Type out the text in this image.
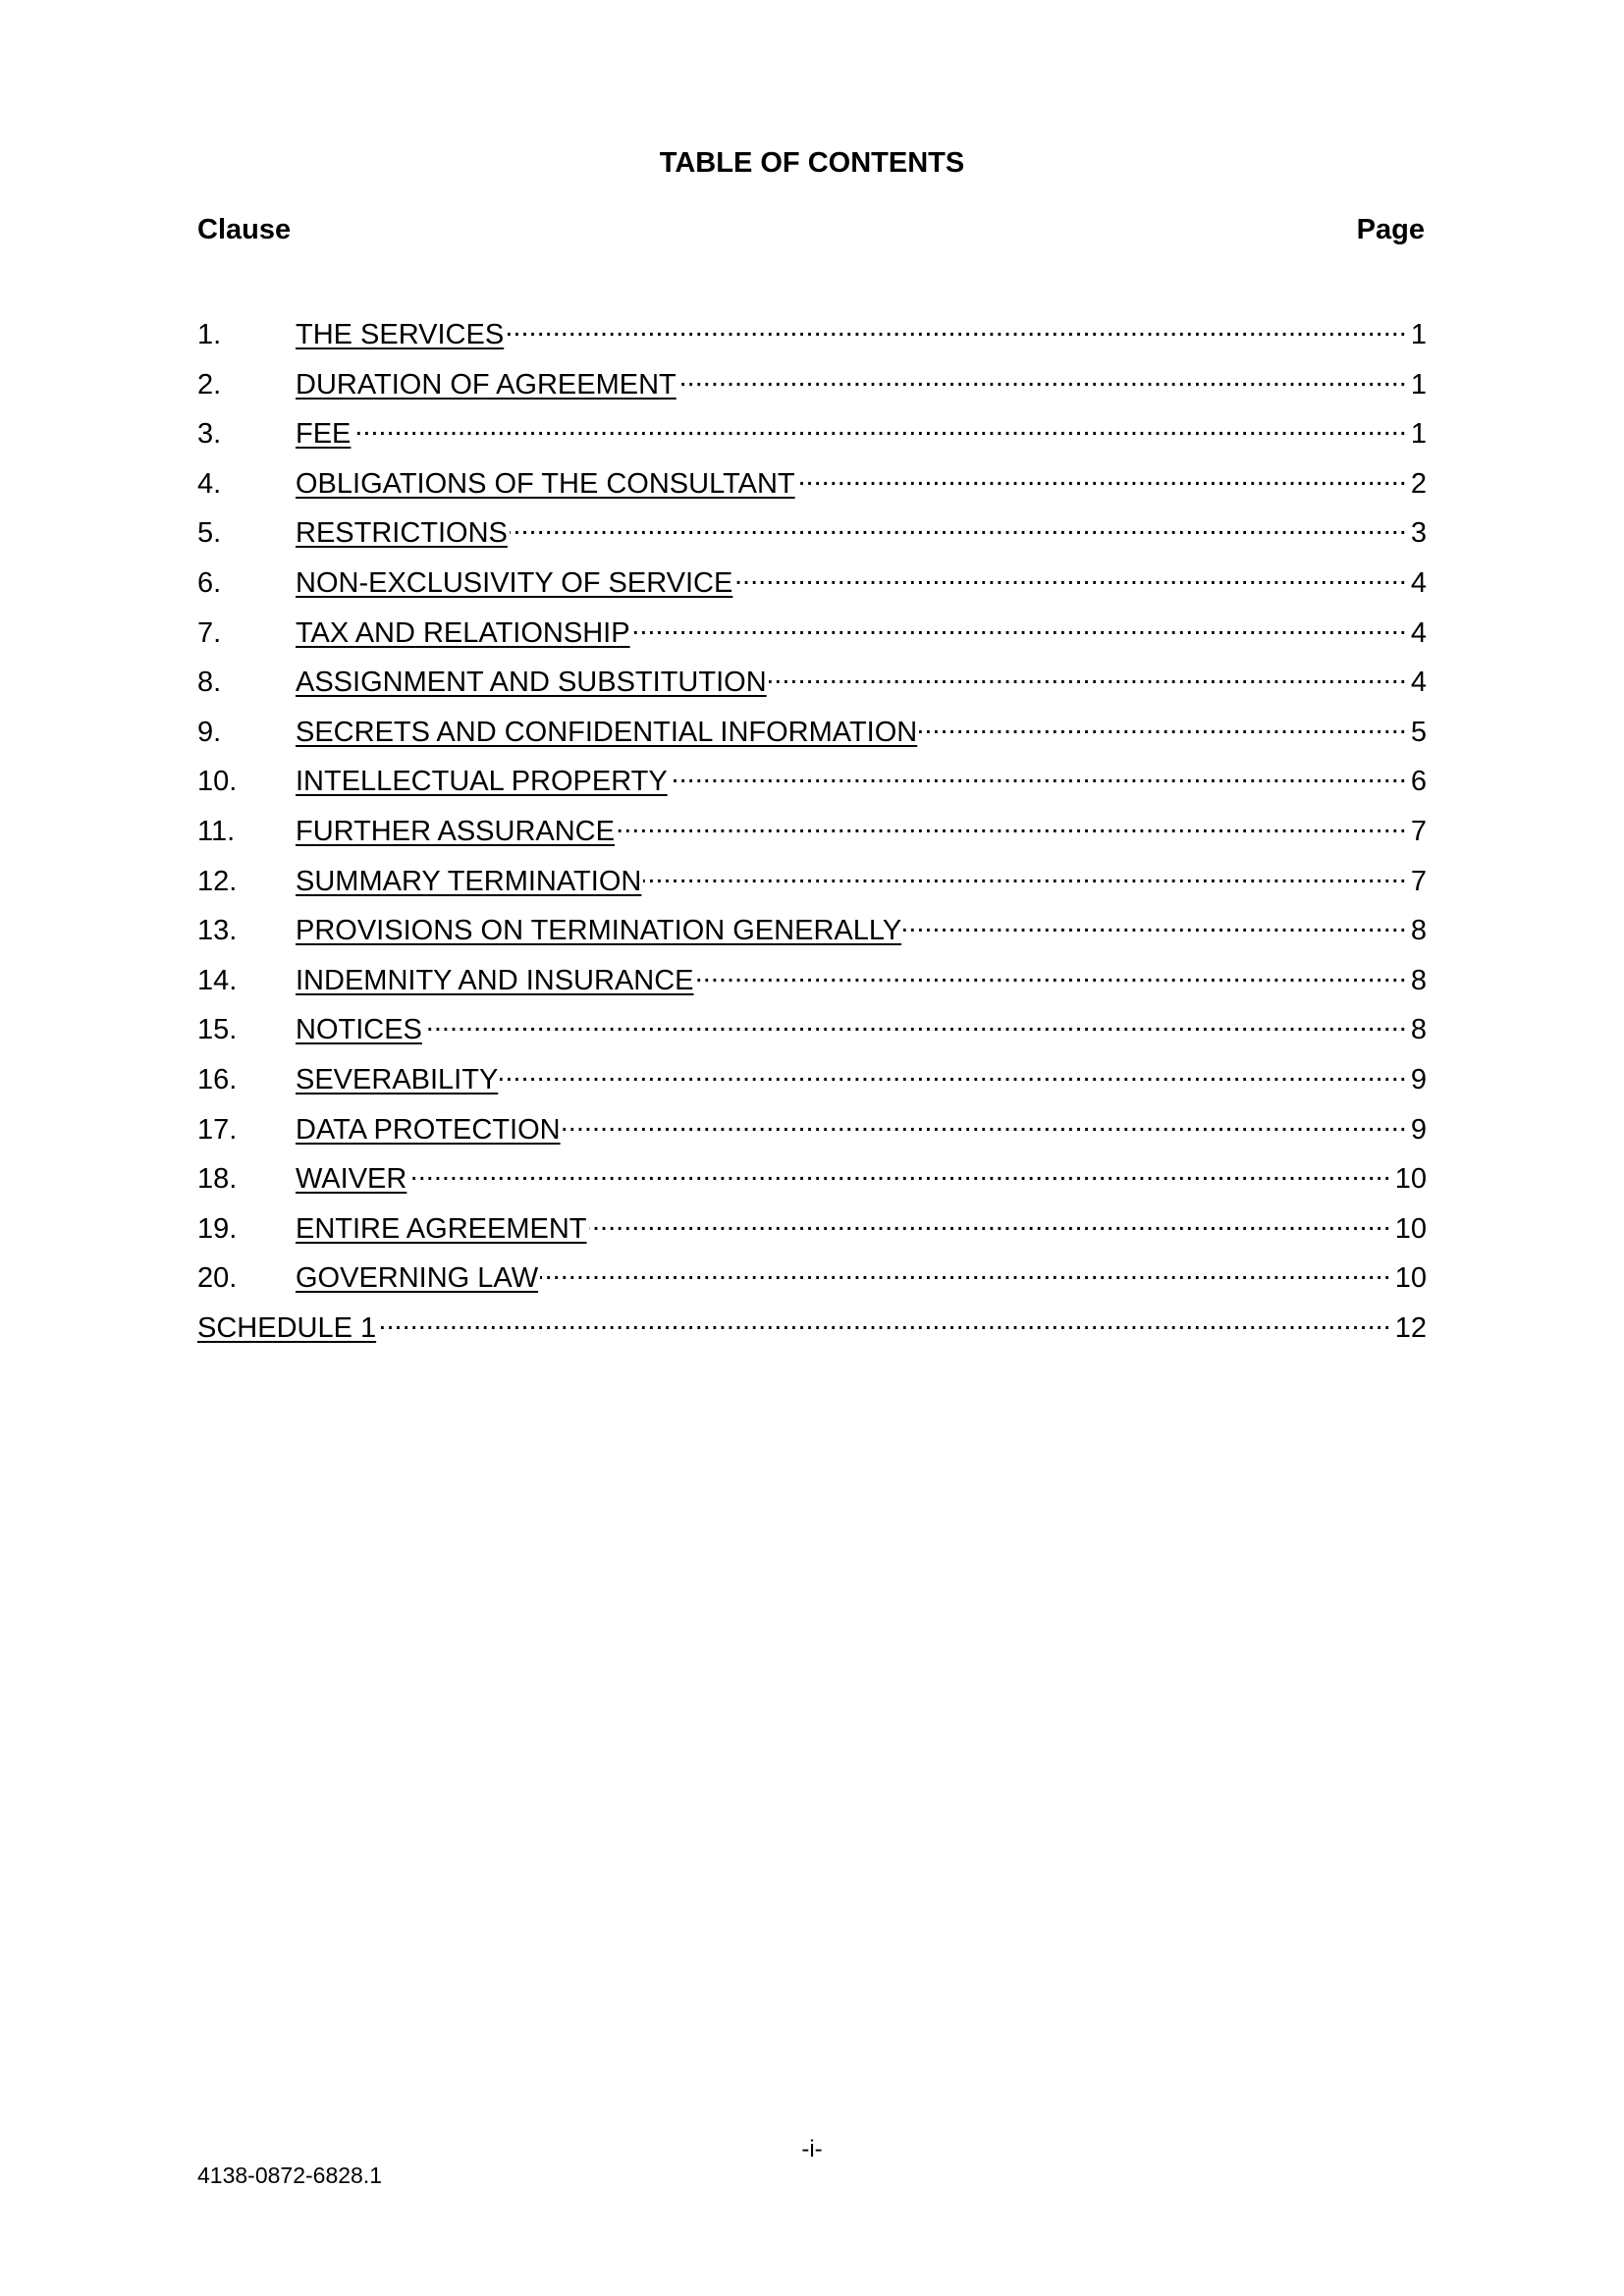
TABLE OF CONTENTS
Clause	Page
1.	THE SERVICES .....	1
2.	DURATION OF AGREEMENT .....	1
3.	FEE .....	1
4.	OBLIGATIONS OF THE CONSULTANT .....	2
5.	RESTRICTIONS .....	3
6.	NON-EXCLUSIVITY OF SERVICE .....	4
7.	TAX AND RELATIONSHIP .....	4
8.	ASSIGNMENT AND SUBSTITUTION .....	4
9.	SECRETS AND CONFIDENTIAL INFORMATION .....	5
10. INTELLECTUAL PROPERTY .....	6
11. FURTHER ASSURANCE .....	7
12. SUMMARY TERMINATION .....	7
13. PROVISIONS ON TERMINATION GENERALLY .....	8
14. INDEMNITY AND INSURANCE .....	8
15. NOTICES .....	8
16. SEVERABILITY .....	9
17. DATA PROTECTION .....	9
18. WAIVER .....	10
19. ENTIRE AGREEMENT .....	10
20. GOVERNING LAW .....	10
SCHEDULE 1 .....	12
-i-
4138-0872-6828.1
